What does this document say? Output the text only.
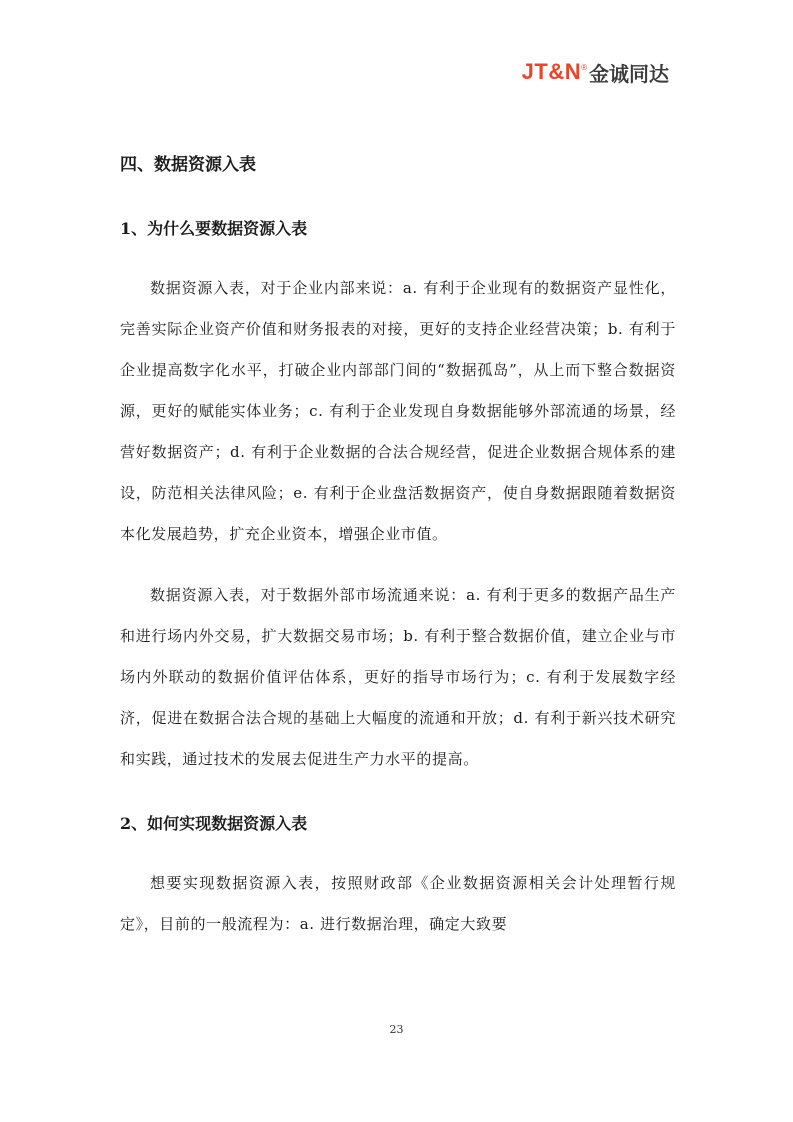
JT&N® 金诚同达
四、数据资源入表
1、为什么要数据资源入表

数据资源入表，对于企业内部来说：a. 有利于企业现有的数据资产显性化，完善实际企业资产价值和财务报表的对接，更好的支持企业经营决策；b. 有利于企业提高数字化水平，打破企业内部部门间的“数据孤岛”，从上而下整合数据资源，更好的赋能实体业务；c. 有利于企业发现自身数据能够外部流通的场景，经营好数据资产；d. 有利于企业数据的合法合规经营，促进企业数据合规体系的建设，防范相关法律风险；e. 有利于企业盘活数据资产，使自身数据跟随着数据资本化发展趋势，扩充企业资本，增强企业市值。

数据资源入表，对于数据外部市场流通来说：a. 有利于更多的数据产品生产和进行场内外交易，扩大数据交易市场；b. 有利于整合数据价值，建立企业与市场内外联动的数据价值评估体系，更好的指导市场行为；c. 有利于发展数字经济，促进在数据合法合规的基础上大幅度的流通和开放；d. 有利于新兴技术研究和实践，通过技术的发展去促进生产力水平的提高。

2、如何实现数据资源入表

想要实现数据资源入表，按照财政部《企业数据资源相关会计处理暂行规定》，目前的一般流程为：a. 进行数据治理，确定大致要

23
